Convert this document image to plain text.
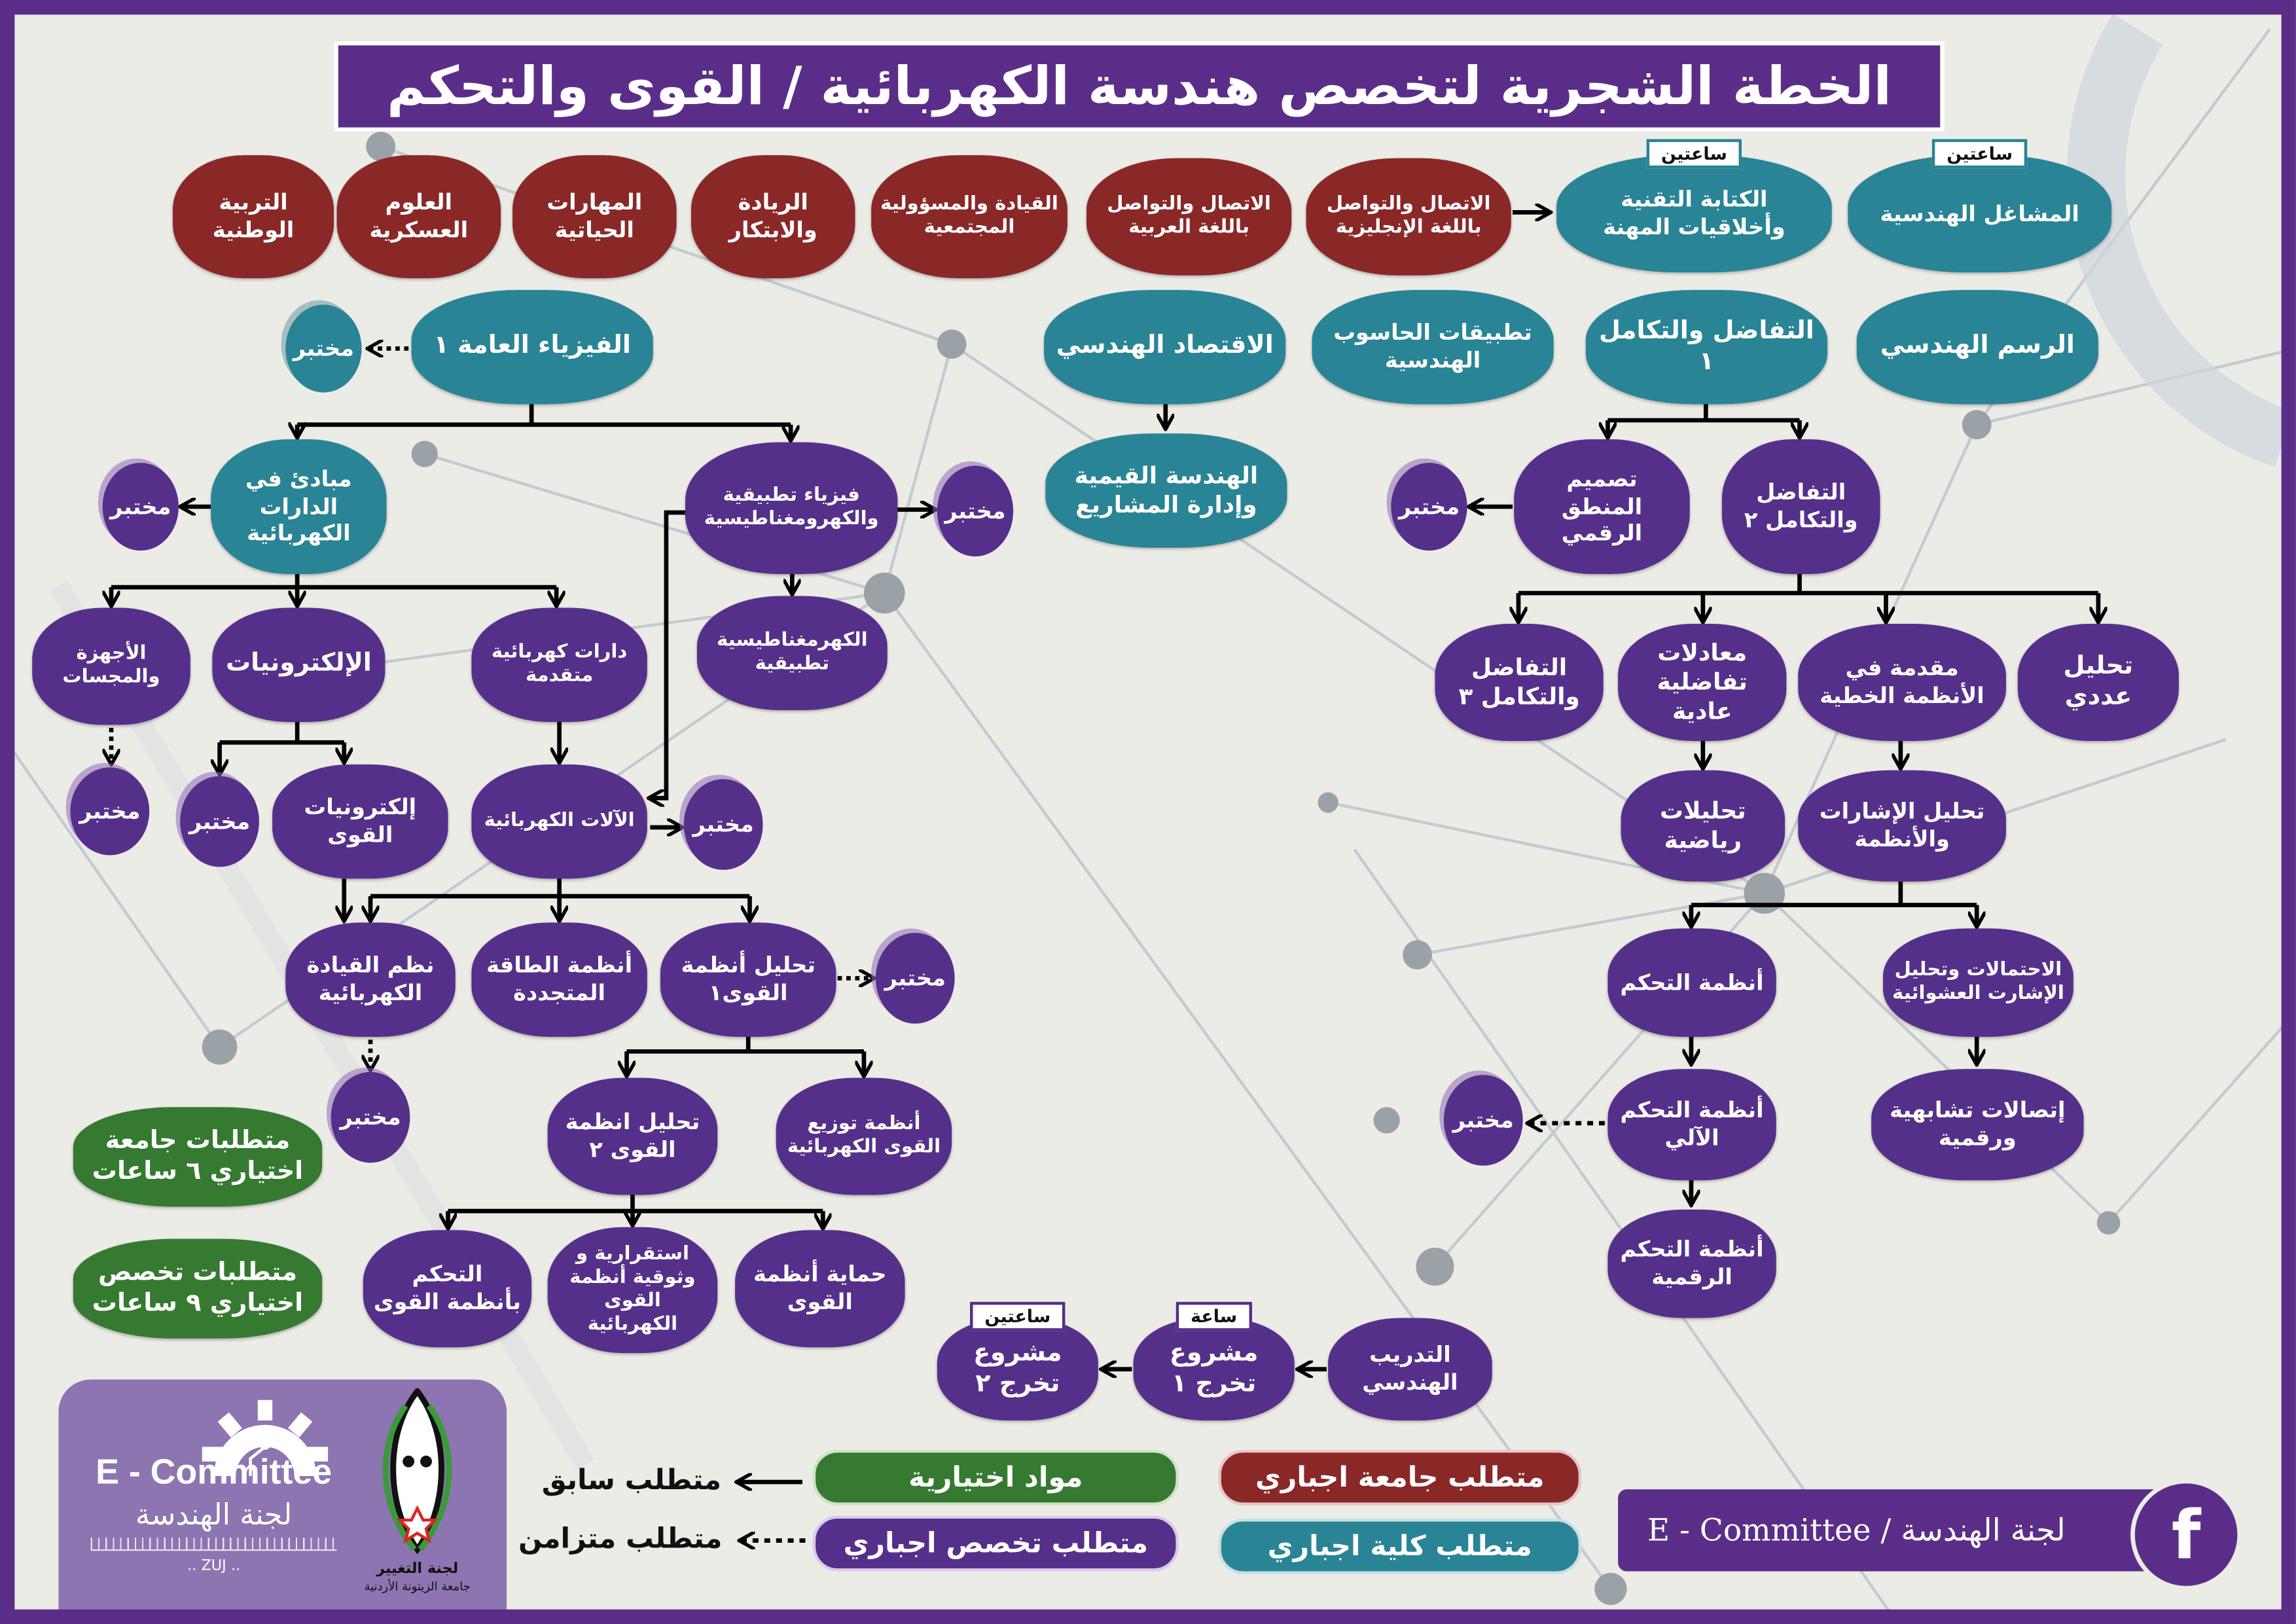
الخطة الشجرية لتخصص هندسة الكهربائية / القوى والتحكم
التربية الوطنية
العلوم العسكرية
المهارات الحياتية
الريادة والابتكار
القيادة والمسؤولية المجتمعية
الاتصال والتواصل باللغة العربية
الاتصال والتواصل باللغة الإنجليزية
ساعتين
الكتابة التقنية وأخلاقيات المهنة
ساعتين
المشاغل الهندسية
الفيزياء العامة ١
مختبر	الاقتصاد الهندسي	تطبيقات الحاسوب الهندسية
التفاضل والتكامل ١
الرسم الهندسي
مبادئ في الدارات الكهربائية
الهندسة القيمية وإدارة المشاريع
تصميم المنطق الرقمي
التفاضل والتكامل ٢
مختبر	مختبر	مختبر
مختبر	مختبر	مختبر
مختبر
مختبر	مختبر
فيزياء تطبيقية والكهرومغناطيسية
الكهرمغناطيسية تطبيقية
الأجهزة والمجسات	الإلكترونيات	دارات كهربائية متقدمة
إلكترونيات القوى
الآلات الكهربائية
نظم القيادة الكهربائية
أنظمة الطاقة المتجددة
تحليل أنظمة القوى١
تحليل انظمة القوى ٢
أنظمة توزيع القوى الكهربائية
التحكم بأنظمة القوى
استقرارية و وثوقية أنظمة القوى الكهربائية
حماية أنظمة القوى
التفاضل والتكامل ٣
معادلات تفاضلية عادية
مقدمة في الأنظمة الخطية
تحليل عددي
تحليلات رياضية
تحليل الإشارات والأنظمة
أنظمة التحكم	الاحتمالات وتحليل الإشارت العشوائية
أنظمة التحكم الآلي
إتصالات تشابهية ورقمية
أنظمة التحكم الرقمية
ساعتين
مشروع تخرج ٢
ساعة
مشروع تخرج ١
التدريب الهندسي
متطلبات جامعة اختياري ٦ ساعات
متطلبات تخصص اختياري ٩ ساعات
مواد اختيارية
متطلب تخصص اجباري
متطلب جامعة اجباري
متطلب كلية اجباري
متطلب سابق
متطلب متزامن
E - Committee
لجنة الهندسة
.. ZUJ ..	لجنة التغيير
جامعة الزيتونة الأردنية
E - Committee / لجنة الهندسة	f
